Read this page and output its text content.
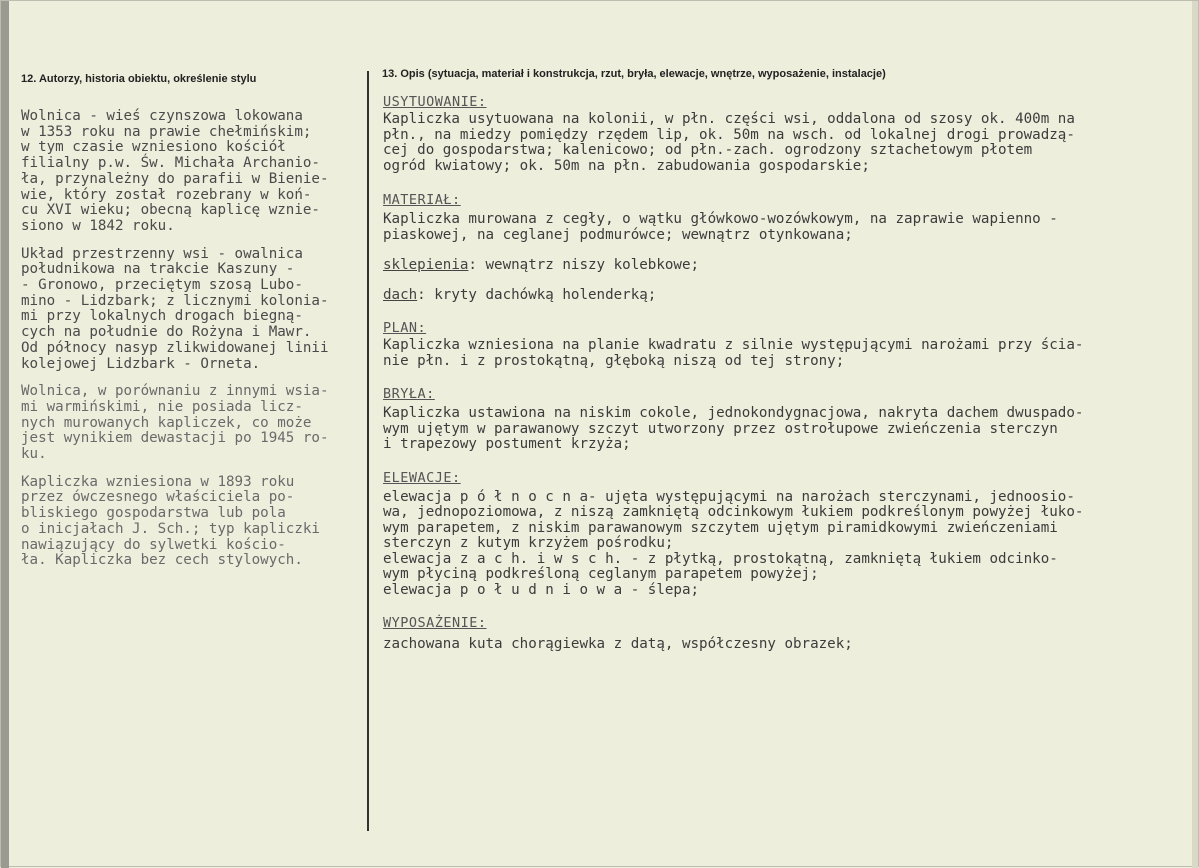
12. Autorzy, historia obiektu, określenie stylu	13. Opis (sytuacja, materiał i konstrukcja, rzut, bryła, elewacje, wnętrze, wyposażenie, instalacje)

Wolnica - wieś czynszowa lokowana
w 1353 roku na prawie chełmińskim;
w tym czasie wzniesiono kościół
filialny p.w. Św. Michała Archanio-
ła, przynależny do parafii w Bienie-
wie, który został rozebrany w koń-
cu XVI wieku; obecną kaplicę wznie-
siono w 1842 roku.

Układ przestrzenny wsi - owalnica
południkowa na trakcie Kaszuny -
- Gronowo, przeciętym szosą Lubo-
mino - Lidzbark; z licznymi kolonia-
mi przy lokalnych drogach biegną-
cych na południe do Rożyna i Mawr.
Od północy nasyp zlikwidowanej linii
kolejowej Lidzbark - Orneta.

Wolnica, w porównaniu z innymi wsia-
mi warmińskimi, nie posiada licz-
nych murowanych kapliczek, co może
jest wynikiem dewastacji po 1945 ro-
ku.

Kapliczka wzniesiona w 1893 roku
przez ówczesnego właściciela po-
bliskiego gospodarstwa lub pola
o inicjałach J. Sch.; typ kapliczki
nawiązujący do sylwetki kościo-
ła. Kapliczka bez cech stylowych.

USYTUOWANIE:

Kapliczka usytuowana na kolonii, w płn. części wsi, oddalona od szosy ok. 400m na
płn., na miedzy pomiędzy rzędem lip, ok. 50m na wsch. od lokalnej drogi prowadzą-
cej do gospodarstwa; kalenicowo; od płn.-zach. ogrodzony sztachetowym płotem
ogród kwiatowy; ok. 50m na płn. zabudowania gospodarskie;

MATERIAŁ:

Kapliczka murowana z cegły, o wątku główkowo-wozówkowym, na zaprawie wapienno -
piaskowej, na ceglanej podmurówce; wewnątrz otynkowana;

sklepienia: wewnątrz niszy kolebkowe;
dach: kryty dachówką holenderką;
PLAN:

Kapliczka wzniesiona na planie kwadratu z silnie występującymi narożami przy ścia-
nie płn. i z prostokątną, głęboką niszą od tej strony;

BRYŁA:

Kapliczka ustawiona na niskim cokole, jednokondygnacjowa, nakryta dachem dwuspado-
wym ujętym w parawanowy szczyt utworzony przez ostrołupowe zwieńczenia sterczyn
i trapezowy postument krzyża;

ELEWACJE:

elewacja p ó ł n o c n a- ujęta występującymi na narożach sterczynami, jednoosio-
wa, jednopoziomowa, z niszą zamkniętą odcinkowym łukiem podkreślonym powyżej łuko-
wym parapetem, z niskim parawanowym szczytem ujętym piramidkowymi zwieńczeniami
sterczyn z kutym krzyżem pośrodku;
elewacja z a c h. i w s c h. - z płytką, prostokątną, zamkniętą łukiem odcinko-
wym płyciną podkreśloną ceglanym parapetem powyżej;
elewacja p o ł u d n i o w a - ślepa;

WYPOSAŻENIE:

zachowana kuta chorągiewka z datą, współczesny obrazek;
